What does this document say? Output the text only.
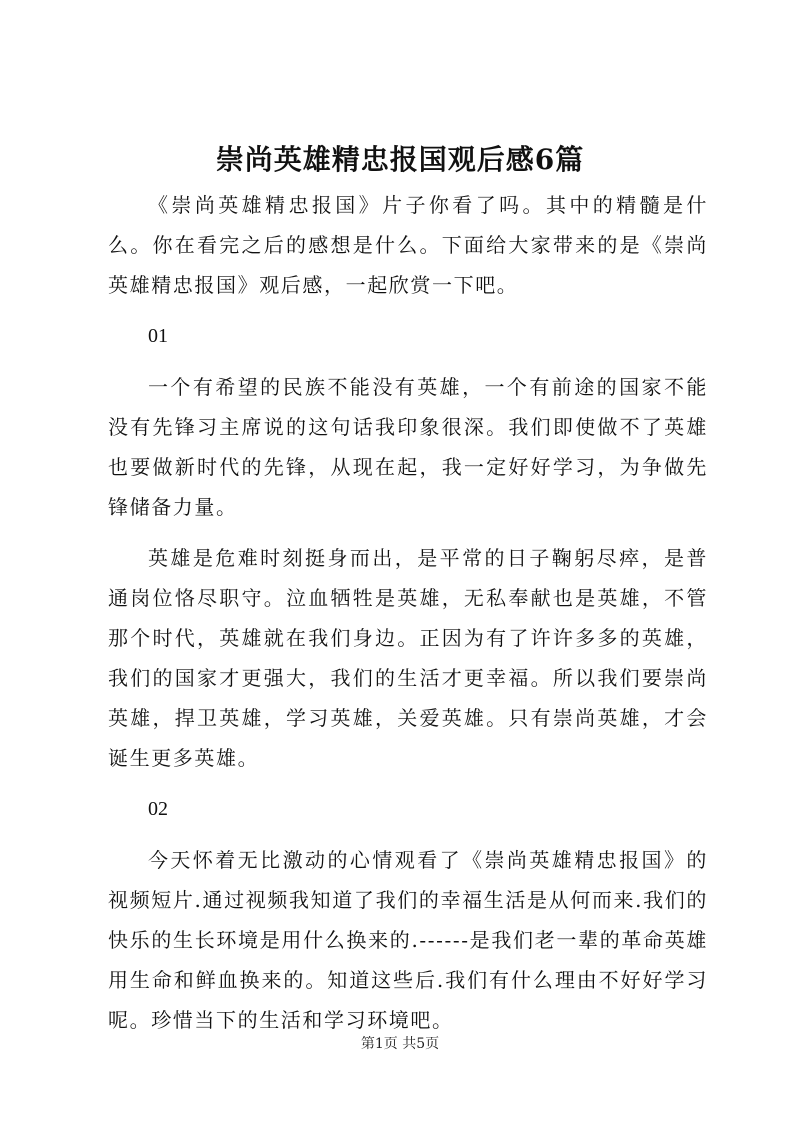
崇尚英雄精忠报国观后感6篇

《崇尚英雄精忠报国》片子你看了吗。其中的精髓是什么。你在看完之后的感想是什么。下面给大家带来的是《崇尚英雄精忠报国》观后感，一起欣赏一下吧。

01

一个有希望的民族不能没有英雄，一个有前途的国家不能没有先锋习主席说的这句话我印象很深。我们即使做不了英雄也要做新时代的先锋，从现在起，我一定好好学习，为争做先锋储备力量。

英雄是危难时刻挺身而出，是平常的日子鞠躬尽瘁，是普通岗位恪尽职守。泣血牺牲是英雄，无私奉献也是英雄，不管那个时代，英雄就在我们身边。正因为有了许许多多的英雄，我们的国家才更强大，我们的生活才更幸福。所以我们要崇尚英雄，捍卫英雄，学习英雄，关爱英雄。只有崇尚英雄，才会诞生更多英雄。

02

今天怀着无比激动的心情观看了《崇尚英雄精忠报国》的视频短片.通过视频我知道了我们的幸福生活是从何而来.我们的快乐的生长环境是用什么换来的.------是我们老一辈的革命英雄用生命和鲜血换来的。知道这些后.我们有什么理由不好好学习呢。珍惜当下的生活和学习环境吧。

第1页 共5页
